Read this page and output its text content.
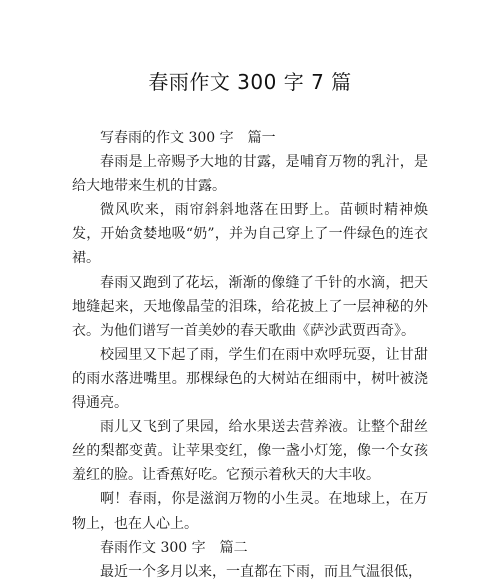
春雨作文 300 字 7 篇

写春雨的作文 300 字　篇一

春雨是上帝赐予大地的甘露，是哺育万物的乳汁，是给大地带来生机的甘露。

微风吹来，雨帘斜斜地落在田野上。苗顿时精神焕发，开始贪婪地吸“奶”，并为自己穿上了一件绿色的连衣裙。

春雨又跑到了花坛，渐渐的像缝了千针的水滴，把天地缝起来，天地像晶莹的泪珠，给花披上了一层神秘的外衣。为他们谱写一首美妙的春天歌曲《萨沙武贾西奇》。

校园里又下起了雨，学生们在雨中欢呼玩耍，让甘甜的雨水落进嘴里。那棵绿色的大树站在细雨中，树叶被浇得通亮。

雨儿又飞到了果园，给水果送去营养液。让整个甜丝丝的梨都变黄。让苹果变红，像一盏小灯笼，像一个女孩羞红的脸。让香蕉好吃。它预示着秋天的大丰收。

啊！春雨，你是滋润万物的小生灵。在地球上，在万物上，也在人心上。

春雨作文 300 字　篇二

最近一个多月以来，一直都在下雨，而且气温很低，
